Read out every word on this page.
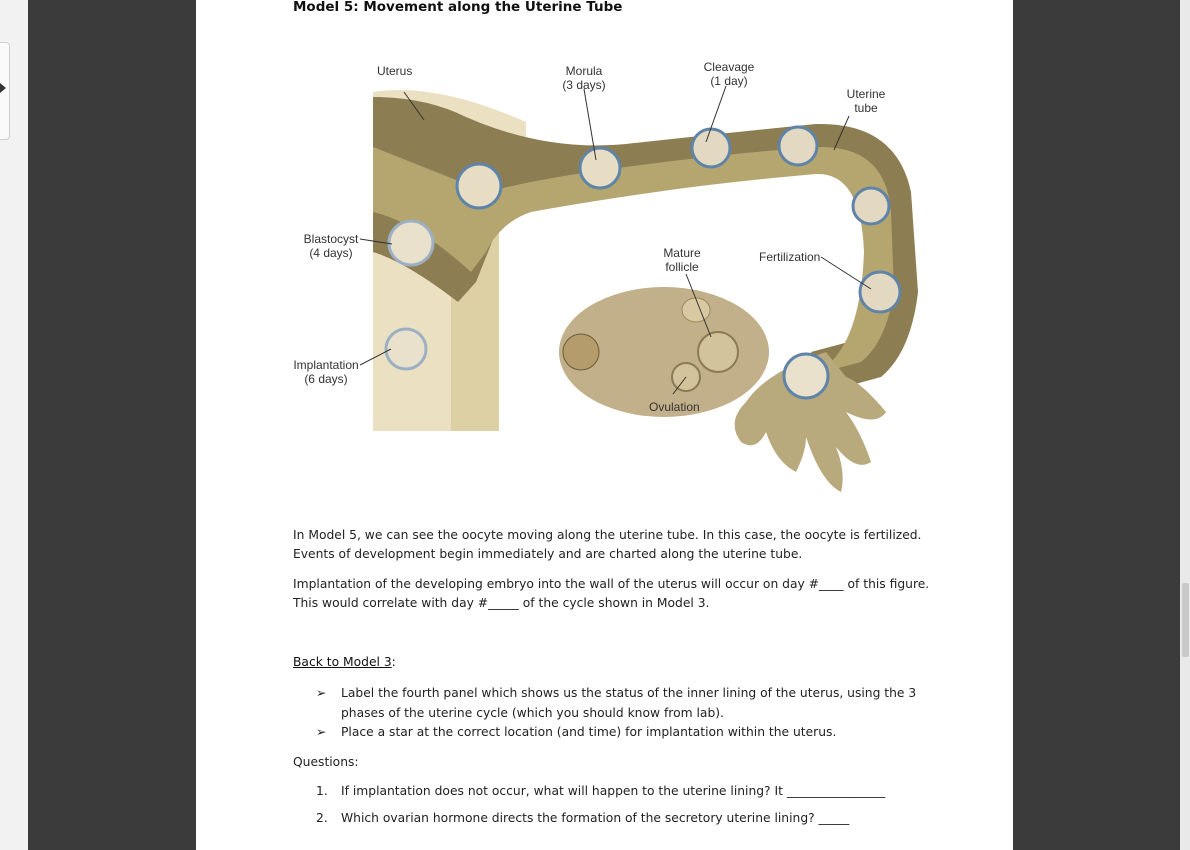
Model 5: Movement along the Uterine Tube
Uterus	Morula
(3 days)
Cleavage
(1 day)
Uterine
tube
Blastocyst
(4 days)	Mature
follicle
Fertilization
Implantation
(6 days)
Ovulation
In Model 5, we can see the oocyte moving along the uterine tube. In this case, the oocyte is fertilized.
Events of development begin immediately and are charted along the uterine tube.
Implantation of the developing embryo into the wall of the uterus will occur on day #____ of this figure.
This would correlate with day #_____ of the cycle shown in Model 3.
Back to Model 3:
➢ Label the fourth panel which shows us the status of the inner lining of the uterus, using the 3
phases of the uterine cycle (which you should know from lab).
➢ Place a star at the correct location (and time) for implantation within the uterus.
Questions:
1. If implantation does not occur, what will happen to the uterine lining? It ________________
2. Which ovarian hormone directs the formation of the secretory uterine lining? _____
